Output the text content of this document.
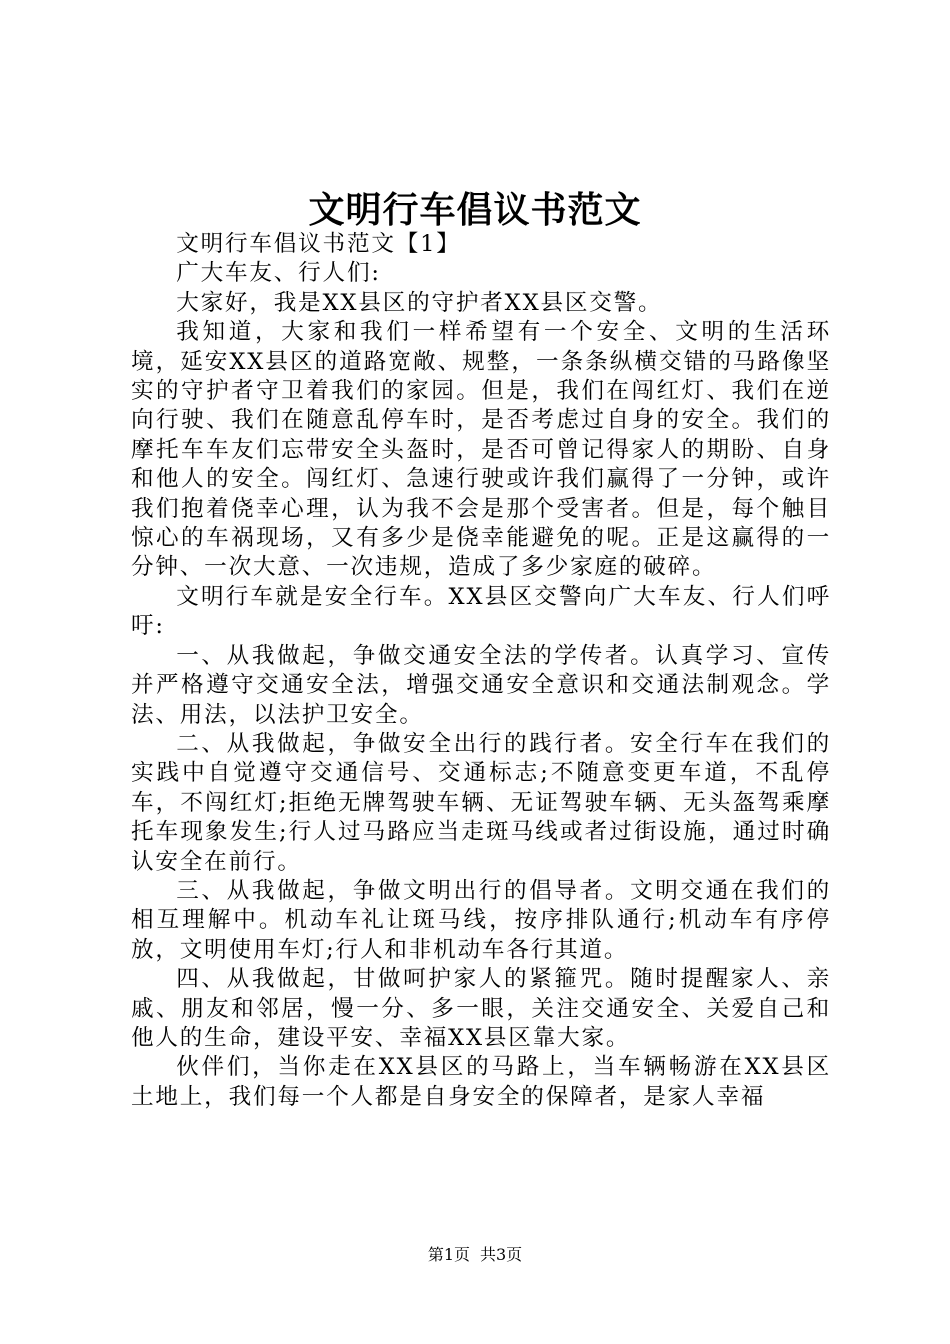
文明行车倡议书范文

文明行车倡议书范文【1】

广大车友、行人们:

大家好，我是XX县区的守护者XX县区交警。

我知道，大家和我们一样希望有一个安全、文明的生活环境，延安XX县区的道路宽敞、规整，一条条纵横交错的马路像坚实的守护者守卫着我们的家园。但是，我们在闯红灯、我们在逆向行驶、我们在随意乱停车时，是否考虑过自身的安全。我们的摩托车车友们忘带安全头盔时，是否可曾记得家人的期盼、自身和他人的安全。闯红灯、急速行驶或许我们赢得了一分钟，或许我们抱着侥幸心理，认为我不会是那个受害者。但是，每个触目惊心的车祸现场，又有多少是侥幸能避免的呢。正是这赢得的一分钟、一次大意、一次违规，造成了多少家庭的破碎。

文明行车就是安全行车。XX县区交警向广大车友、行人们呼吁:

一、从我做起，争做交通安全法的学传者。认真学习、宣传并严格遵守交通安全法，增强交通安全意识和交通法制观念。学法、用法，以法护卫安全。

二、从我做起，争做安全出行的践行者。安全行车在我们的实践中自觉遵守交通信号、交通标志;不随意变更车道，不乱停车，不闯红灯;拒绝无牌驾驶车辆、无证驾驶车辆、无头盔驾乘摩托车现象发生;行人过马路应当走斑马线或者过街设施，通过时确认安全在前行。

三、从我做起，争做文明出行的倡导者。文明交通在我们的相互理解中。机动车礼让斑马线，按序排队通行;机动车有序停放，文明使用车灯;行人和非机动车各行其道。

四、从我做起，甘做呵护家人的紧箍咒。随时提醒家人、亲戚、朋友和邻居，慢一分、多一眼，关注交通安全、关爱自己和他人的生命，建设平安、幸福XX县区靠大家。

伙伴们，当你走在XX县区的马路上，当车辆畅游在XX县区土地上，我们每一个人都是自身安全的保障者，是家人幸福

第1页 共3页
